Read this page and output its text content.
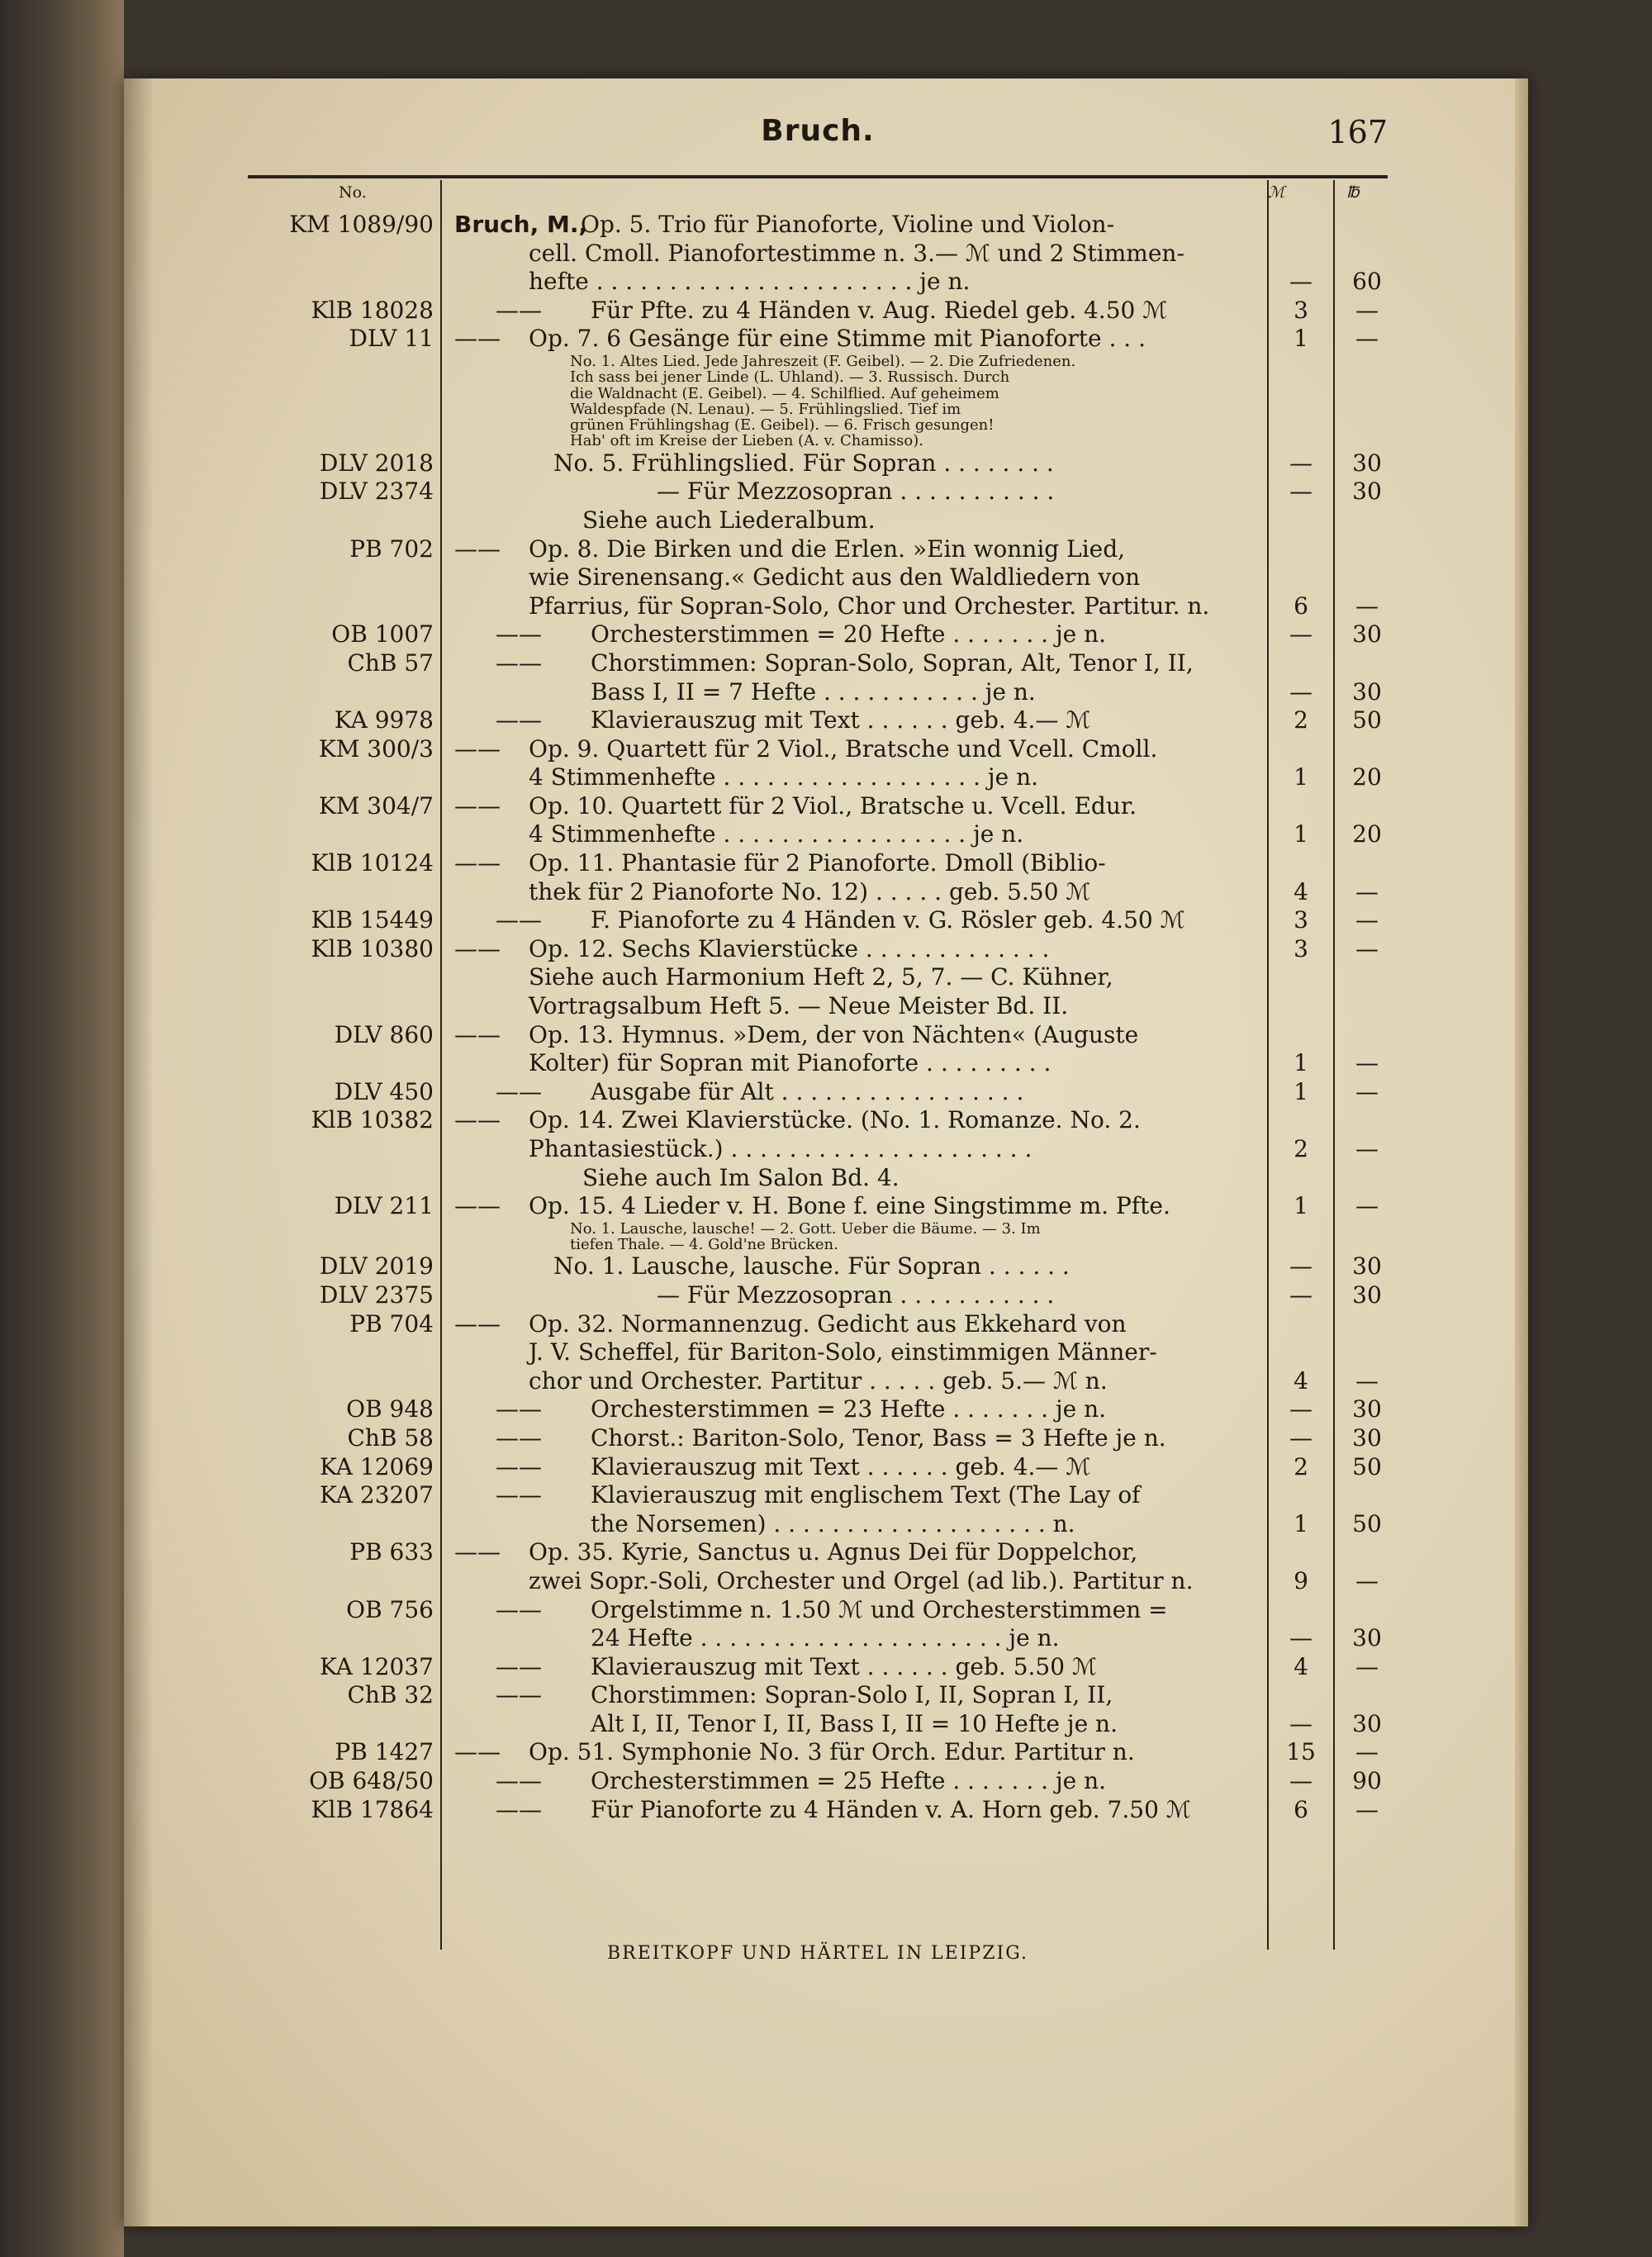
Bruch.	167
No.	ℳ	℔
KM 1089/90 Bruch, M.,
Op. 5. Trio für Pianoforte, Violine und Violon-
cell. Cmoll. Pianofortestimme n. 3.— ℳ und 2 Stimmen-
hefte . . . . . . . . . . . . . . . . . . . . . . je n.	—	60
KlB 18028	—— Für Pfte. zu 4 Händen v. Aug. Riedel geb. 4.50 ℳ	3	—
DLV 11 —— Op. 7. 6 Gesänge für eine Stimme mit Pianoforte . . .	1	—
No. 1. Altes Lied. Jede Jahreszeit (F. Geibel). — 2. Die Zufriedenen.
Ich sass bei jener Linde (L. Uhland). — 3. Russisch. Durch
die Waldnacht (E. Geibel). — 4. Schilflied. Auf geheimem
Waldespfade (N. Lenau). — 5. Frühlingslied. Tief im
grünen Frühlingshag (E. Geibel). — 6. Frisch gesungen!
Hab' oft im Kreise der Lieben (A. v. Chamisso).
DLV 2018	No. 5. Frühlingslied. Für Sopran . . . . . . . .	—	30
DLV 2374	— Für Mezzosopran . . . . . . . . . . .	—	30
Siehe auch Liederalbum.
PB 702 —— Op. 8. Die Birken und die Erlen. »Ein wonnig Lied,
wie Sirenensang.« Gedicht aus den Waldliedern von
Pfarrius, für Sopran-Solo, Chor und Orchester. Partitur. n.	6	—
OB 1007	—— Orchesterstimmen = 20 Hefte . . . . . . . je n.	—	30
ChB 57	—— Chorstimmen: Sopran-Solo, Sopran, Alt, Tenor I, II,
Bass I, II = 7 Hefte . . . . . . . . . . . je n.	—	30
KA 9978	—— Klavierauszug mit Text . . . . . . geb. 4.— ℳ	2	50
KM 300/3 —— Op. 9. Quartett für 2 Viol., Bratsche und Vcell. Cmoll.
4 Stimmenhefte . . . . . . . . . . . . . . . . . . je n.	1	20
KM 304/7 —— Op. 10. Quartett für 2 Viol., Bratsche u. Vcell. Edur.
4 Stimmenhefte . . . . . . . . . . . . . . . . . je n.	1	20
KlB 10124 —— Op. 11. Phantasie für 2 Pianoforte. Dmoll (Biblio-
thek für 2 Pianoforte No. 12) . . . . . geb. 5.50 ℳ	4	—
KlB 15449	—— F. Pianoforte zu 4 Händen v. G. Rösler geb. 4.50 ℳ	3	—
KlB 10380 —— Op. 12. Sechs Klavierstücke . . . . . . . . . . . . .	3	—
Siehe auch Harmonium Heft 2, 5, 7. — C. Kühner,
Vortragsalbum Heft 5. — Neue Meister Bd. II.
DLV 860 —— Op. 13. Hymnus. »Dem, der von Nächten« (Auguste
Kolter) für Sopran mit Pianoforte . . . . . . . . .	1	—
DLV 450	—— Ausgabe für Alt . . . . . . . . . . . . . . . . .	1	—
KlB 10382 —— Op. 14. Zwei Klavierstücke. (No. 1. Romanze. No. 2.
Phantasiestück.) . . . . . . . . . . . . . . . . . . . . .	2	—
Siehe auch Im Salon Bd. 4.
DLV 211 —— Op. 15. 4 Lieder v. H. Bone f. eine Singstimme m. Pfte.	1	—
No. 1. Lausche, lausche! — 2. Gott. Ueber die Bäume. — 3. Im
tiefen Thale. — 4. Gold'ne Brücken.
DLV 2019	No. 1. Lausche, lausche. Für Sopran . . . . . .	—	30
DLV 2375	— Für Mezzosopran . . . . . . . . . . .	—	30
PB 704 —— Op. 32. Normannenzug. Gedicht aus Ekkehard von
J. V. Scheffel, für Bariton-Solo, einstimmigen Männer-
chor und Orchester. Partitur . . . . . geb. 5.— ℳ n.	4	—
OB 948	—— Orchesterstimmen = 23 Hefte . . . . . . . je n.	—	30
ChB 58	—— Chorst.: Bariton-Solo, Tenor, Bass = 3 Hefte je n.	—	30
KA 12069	—— Klavierauszug mit Text . . . . . . geb. 4.— ℳ	2	50
KA 23207	—— Klavierauszug mit englischem Text (The Lay of
the Norsemen) . . . . . . . . . . . . . . . . . . . n.	1	50
PB 633 —— Op. 35. Kyrie, Sanctus u. Agnus Dei für Doppelchor,
zwei Sopr.-Soli, Orchester und Orgel (ad lib.). Partitur n.	9	—
OB 756	—— Orgelstimme n. 1.50 ℳ und Orchesterstimmen =
24 Hefte . . . . . . . . . . . . . . . . . . . . . je n.	—	30
KA 12037	—— Klavierauszug mit Text . . . . . . geb. 5.50 ℳ	4	—
ChB 32	—— Chorstimmen: Sopran-Solo I, II, Sopran I, II,
Alt I, II, Tenor I, II, Bass I, II = 10 Hefte je n.	—	30
PB 1427 —— Op. 51. Symphonie No. 3 für Orch. Edur. Partitur n.	15	—
OB 648/50	—— Orchesterstimmen = 25 Hefte . . . . . . . je n.	—	90
KlB 17864	—— Für Pianoforte zu 4 Händen v. A. Horn geb. 7.50 ℳ	6	—
BREITKOPF UND HÄRTEL IN LEIPZIG.
